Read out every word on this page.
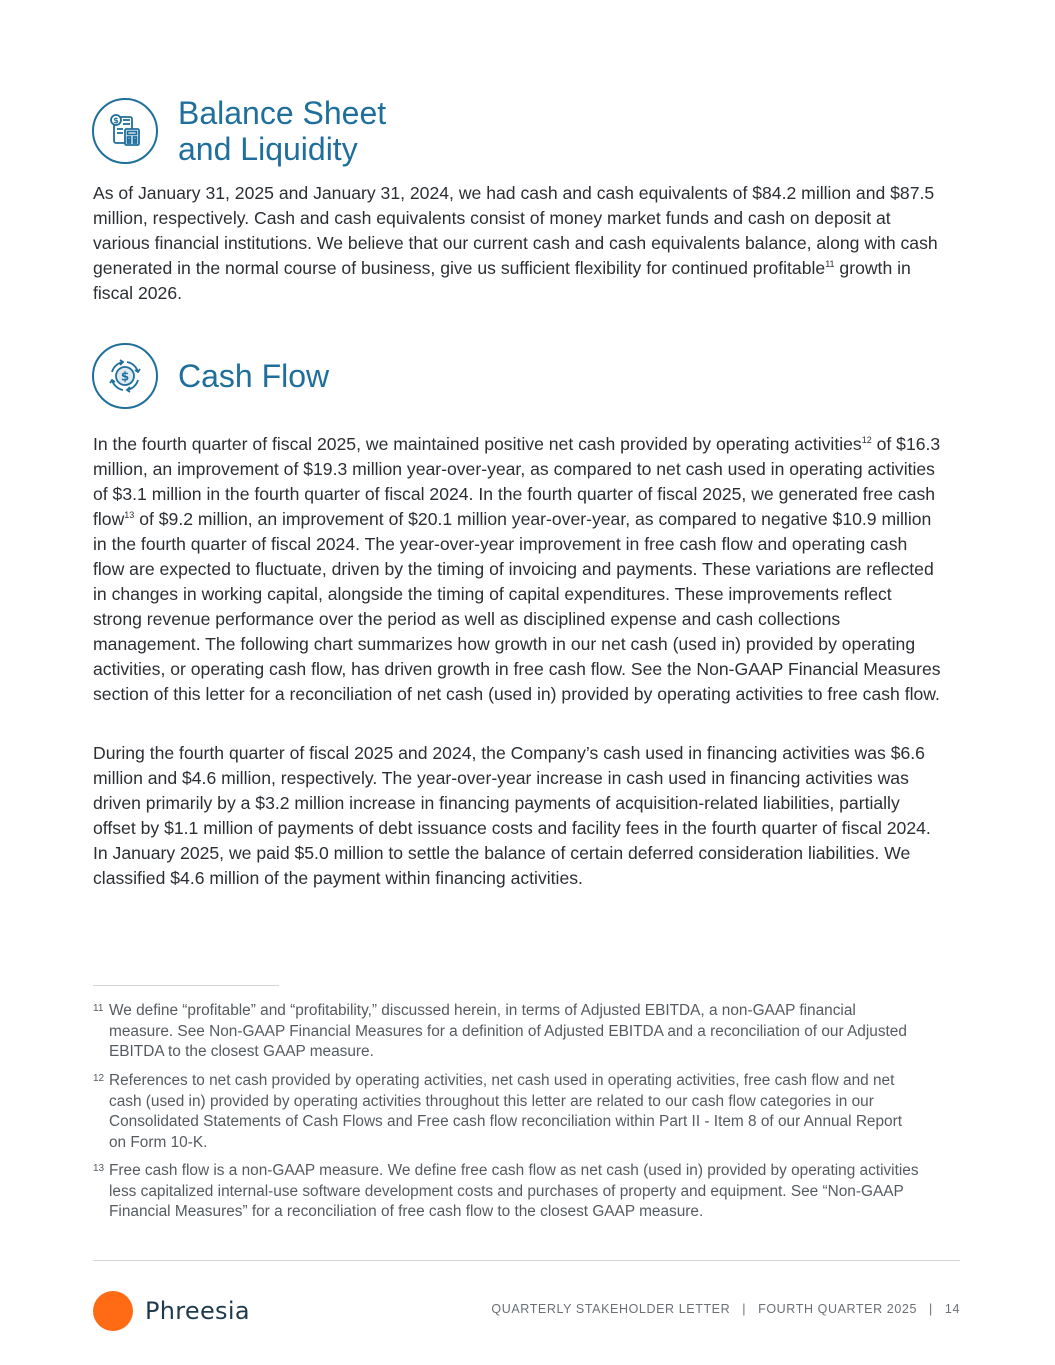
$ Balance Sheet
and Liquidity

As of January 31, 2025 and January 31, 2024, we had cash and cash equivalents of $84.2 million and $87.5 million, respectively. Cash and cash equivalents consist of money market funds and cash on deposit at various financial institutions. We believe that our current cash and cash equivalents balance, along with cash generated in the normal course of business, give us sufficient flexibility for continued profitable$^{11}$ growth in fiscal 2026.

$ Cash Flow

In the fourth quarter of fiscal 2025, we maintained positive net cash provided by operating activities$^{12}$ of $16.3 million, an improvement of $19.3 million year-over-year, as compared to net cash used in operating activities of $3.1 million in the fourth quarter of fiscal 2024. In the fourth quarter of fiscal 2025, we generated free cash flow$^{13}$ of $9.2 million, an improvement of $20.1 million year-over-year, as compared to negative $10.9 million in the fourth quarter of fiscal 2024. The year-over-year improvement in free cash flow and operating cash flow are expected to fluctuate, driven by the timing of invoicing and payments. These variations are reflected in changes in working capital, alongside the timing of capital expenditures. These improvements reflect strong revenue performance over the period as well as disciplined expense and cash collections management. The following chart summarizes how growth in our net cash (used in) provided by operating activities, or operating cash flow, has driven growth in free cash flow. See the Non-GAAP Financial Measures section of this letter for a reconciliation of net cash (used in) provided by operating activities to free cash flow.

During the fourth quarter of fiscal 2025 and 2024, the Company’s cash used in financing activities was $6.6 million and $4.6 million, respectively. The year-over-year increase in cash used in financing activities was driven primarily by a $3.2 million increase in financing payments of acquisition-related liabilities, partially offset by $1.1 million of payments of debt issuance costs and facility fees in the fourth quarter of fiscal 2024. In January 2025, we paid $5.0 million to settle the balance of certain deferred consideration liabilities. We classified $4.6 million of the payment within financing activities.

11 We define “profitable” and “profitability,” discussed herein, in terms of Adjusted EBITDA, a non-GAAP financial measure. See Non-GAAP Financial Measures for a definition of Adjusted EBITDA and a reconciliation of our Adjusted EBITDA to the closest GAAP measure.
12 References to net cash provided by operating activities, net cash used in operating activities, free cash flow and net cash (used in) provided by operating activities throughout this letter are related to our cash flow categories in our Consolidated Statements of Cash Flows and Free cash flow reconciliation within Part II - Item 8 of our Annual Report on Form 10-K.
13 Free cash flow is a non-GAAP measure. We define free cash flow as net cash (used in) provided by operating activities less capitalized internal-use software development costs and purchases of property and equipment. See “Non-GAAP Financial Measures” for a reconciliation of free cash flow to the closest GAAP measure.
Phreesia	QUARTERLY STAKEHOLDER LETTER | FOURTH QUARTER 2025 | 14
